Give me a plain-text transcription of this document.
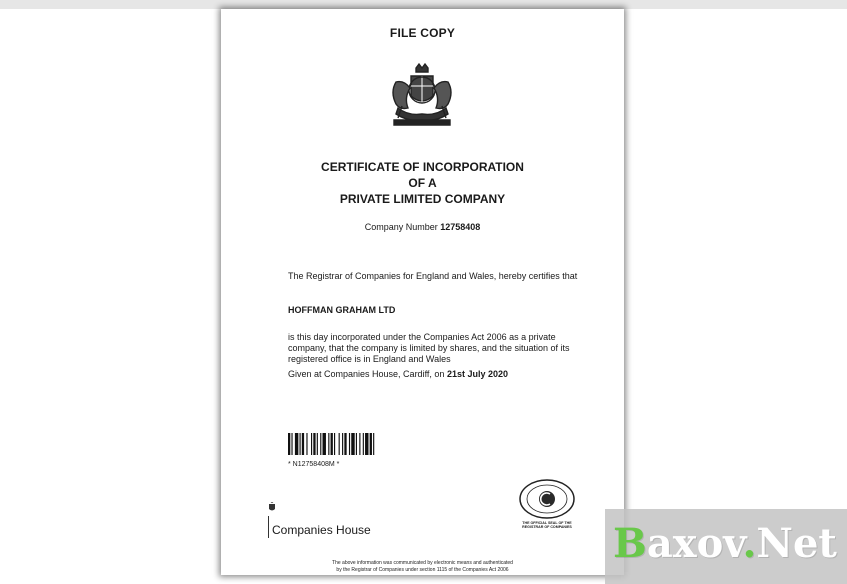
FILE COPY
CERTIFICATE OF INCORPORATION
OF A
PRIVATE LIMITED COMPANY
Company Number 12758408
The Registrar of Companies for England and Wales, hereby certifies that
HOFFMAN GRAHAM LTD
is this day incorporated under the Companies Act 2006 as a private company, that the company is limited by shares, and the situation of its registered office is in England and Wales
Given at Companies House, Cardiff, on 21st July 2020
* N12758408M *
Companies House	THE OFFICIAL SEAL OF THE
REGISTRAR OF COMPANIES
The above information was communicated by electronic means and authenticated
by the Registrar of Companies under section 1115 of the Companies Act 2006
Baxov.Net
